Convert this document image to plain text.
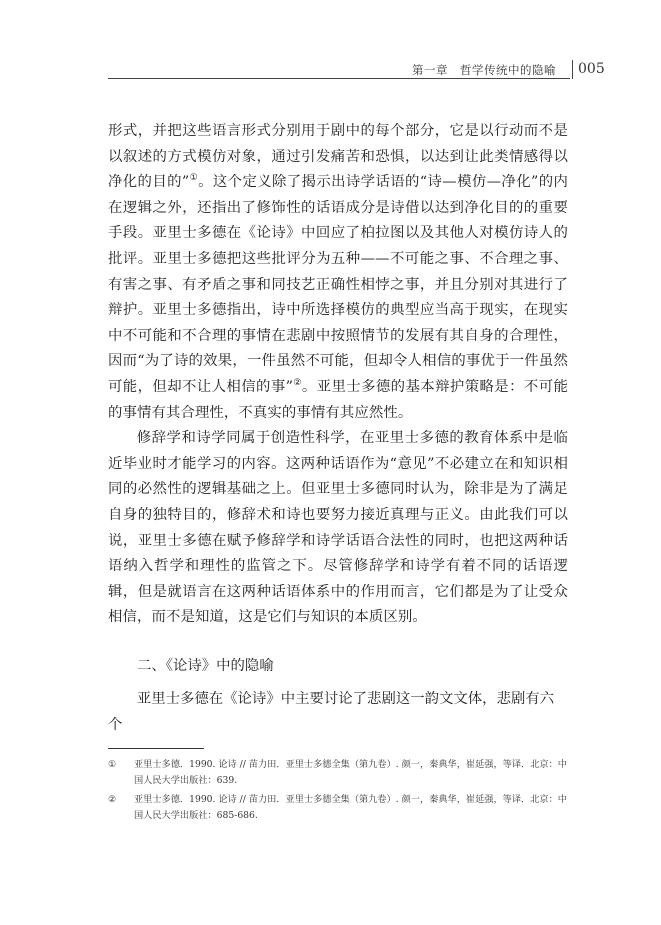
第一章　哲学传统中的隐喻 005

形式，并把这些语言形式分别用于剧中的每个部分，它是以行动而不是以叙述的方式模仿对象，通过引发痛苦和恐惧，以达到让此类情感得以净化的目的”①。这个定义除了揭示出诗学话语的“诗—模仿—净化”的内在逻辑之外，还指出了修饰性的话语成分是诗借以达到净化目的的重要手段。亚里士多德在《论诗》中回应了柏拉图以及其他人对模仿诗人的批评。亚里士多德把这些批评分为五种——不可能之事、不合理之事、有害之事、有矛盾之事和同技艺正确性相悖之事，并且分别对其进行了辩护。亚里士多德指出，诗中所选择模仿的典型应当高于现实，在现实中不可能和不合理的事情在悲剧中按照情节的发展有其自身的合理性，因而“为了诗的效果，一件虽然不可能，但却令人相信的事优于一件虽然可能，但却不让人相信的事”②。亚里士多德的基本辩护策略是：不可能的事情有其合理性，不真实的事情有其应然性。

修辞学和诗学同属于创造性科学，在亚里士多德的教育体系中是临近毕业时才能学习的内容。这两种话语作为“意见”不必建立在和知识相同的必然性的逻辑基础之上。但亚里士多德同时认为，除非是为了满足自身的独特目的，修辞术和诗也要努力接近真理与正义。由此我们可以说，亚里士多德在赋予修辞学和诗学话语合法性的同时，也把这两种话语纳入哲学和理性的监管之下。尽管修辞学和诗学有着不同的话语逻辑，但是就语言在这两种话语体系中的作用而言，它们都是为了让受众相信，而不是知道，这是它们与知识的本质区别。

二、《论诗》中的隐喻
亚里士多德在《论诗》中主要讨论了悲剧这一韵文文体，悲剧有六个
① 亚里士多德．1990. 论诗 // 苗力田．亚里士多德全集（第九卷）. 颜一，秦典华，崔延强，等译．北京：中国人民大学出版社：639.
② 亚里士多德．1990. 论诗 // 苗力田．亚里士多德全集（第九卷）. 颜一，秦典华，崔延强，等译．北京：中国人民大学出版社：685-686.
